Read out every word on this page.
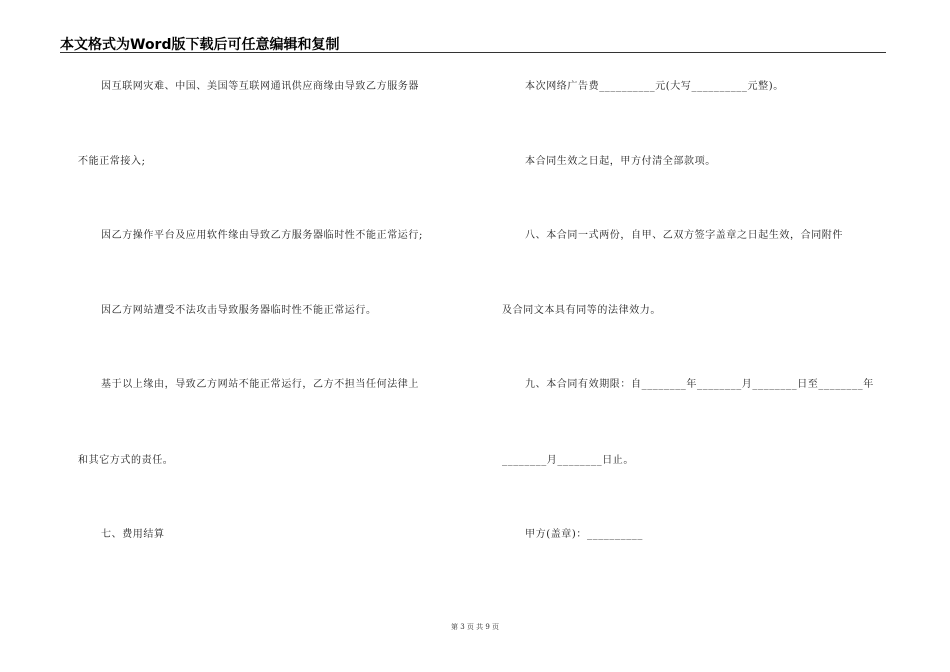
本文格式为Word版下载后可任意编辑和复制
因互联网灾难、中国、美国等互联网通讯供应商缘由导致乙方服务器
不能正常接入;
因乙方操作平台及应用软件缘由导致乙方服务器临时性不能正常运行;
因乙方网站遭受不法攻击导致服务器临时性不能正常运行。
基于以上缘由，导致乙方网站不能正常运行，乙方不担当任何法律上
和其它方式的责任。
七、费用结算
本次网络广告费__________元(大写__________元整)。
本合同生效之日起，甲方付清全部款项。
八、本合同一式两份，自甲、乙双方签字盖章之日起生效，合同附件
及合同文本具有同等的法律效力。
九、本合同有效期限：自________年________月________日至________年
________月________日止。
甲方(盖章)：__________
第 3 页 共 9 页
